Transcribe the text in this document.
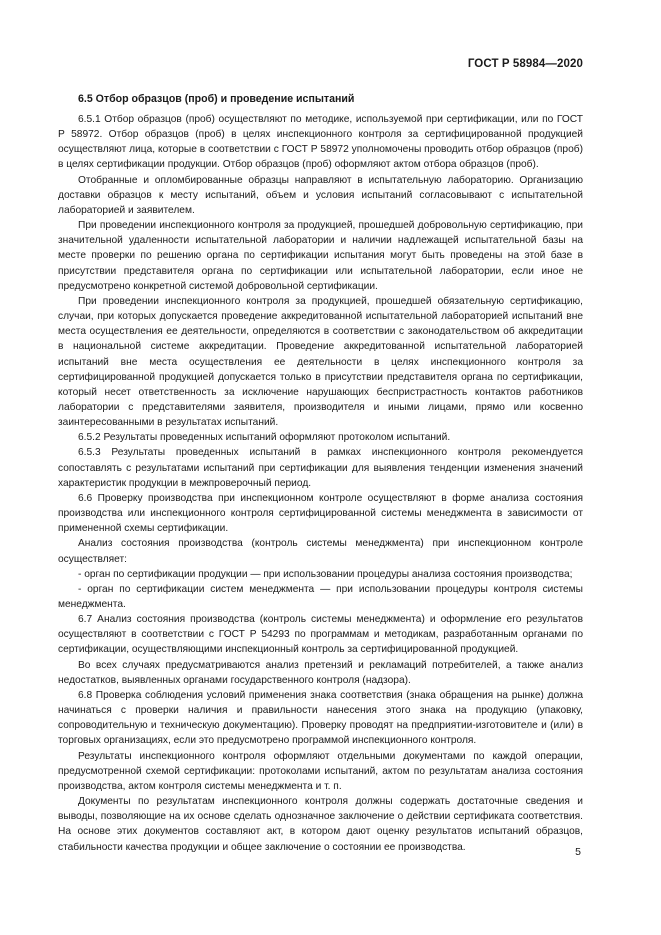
ГОСТ Р 58984—2020
6.5 Отбор образцов (проб) и проведение испытаний

6.5.1 Отбор образцов (проб) осуществляют по методике, используемой при сертификации, или по ГОСТ Р 58972. Отбор образцов (проб) в целях инспекционного контроля за сертифицированной продукцией осуществляют лица, которые в соответствии с ГОСТ Р 58972 уполномочены проводить отбор образцов (проб) в целях сертификации продукции. Отбор образцов (проб) оформляют актом отбора образцов (проб).

Отобранные и опломбированные образцы направляют в испытательную лабораторию. Организацию доставки образцов к месту испытаний, объем и условия испытаний согласовывают с испытательной лабораторией и заявителем.

При проведении инспекционного контроля за продукцией, прошедшей добровольную сертификацию, при значительной удаленности испытательной лаборатории и наличии надлежащей испытательной базы на месте проверки по решению органа по сертификации испытания могут быть проведены на этой базе в присутствии представителя органа по сертификации или испытательной лаборатории, если иное не предусмотрено конкретной системой добровольной сертификации.

При проведении инспекционного контроля за продукцией, прошедшей обязательную сертификацию, случаи, при которых допускается проведение аккредитованной испытательной лабораторией испытаний вне места осуществления ее деятельности, определяются в соответствии с законодательством об аккредитации в национальной системе аккредитации. Проведение аккредитованной испытательной лабораторией испытаний вне места осуществления ее деятельности в целях инспекционного контроля за сертифицированной продукцией допускается только в присутствии представителя органа по сертификации, который несет ответственность за исключение нарушающих беспристрастность контактов работников лаборатории с представителями заявителя, производителя и иными лицами, прямо или косвенно заинтересованными в результатах испытаний.

6.5.2 Результаты проведенных испытаний оформляют протоколом испытаний.

6.5.3 Результаты проведенных испытаний в рамках инспекционного контроля рекомендуется сопоставлять с результатами испытаний при сертификации для выявления тенденции изменения значений характеристик продукции в межпроверочный период.

6.6 Проверку производства при инспекционном контроле осуществляют в форме анализа состояния производства или инспекционного контроля сертифицированной системы менеджмента в зависимости от примененной схемы сертификации.

Анализ состояния производства (контроль системы менеджмента) при инспекционном контроле осуществляет:

- орган по сертификации продукции — при использовании процедуры анализа состояния производства;

- орган по сертификации систем менеджмента — при использовании процедуры контроля системы менеджмента.

6.7 Анализ состояния производства (контроль системы менеджмента) и оформление его результатов осуществляют в соответствии с ГОСТ Р 54293 по программам и методикам, разработанным органами по сертификации, осуществляющими инспекционный контроль за сертифицированной продукцией.

Во всех случаях предусматриваются анализ претензий и рекламаций потребителей, а также анализ недостатков, выявленных органами государственного контроля (надзора).

6.8 Проверка соблюдения условий применения знака соответствия (знака обращения на рынке) должна начинаться с проверки наличия и правильности нанесения этого знака на продукцию (упаковку, сопроводительную и техническую документацию). Проверку проводят на предприятии-изготовителе и (или) в торговых организациях, если это предусмотрено программой инспекционного контроля.

Результаты инспекционного контроля оформляют отдельными документами по каждой операции, предусмотренной схемой сертификации: протоколами испытаний, актом по результатам анализа состояния производства, актом контроля системы менеджмента и т. п.

Документы по результатам инспекционного контроля должны содержать достаточные сведения и выводы, позволяющие на их основе сделать однозначное заключение о действии сертификата соответствия. На основе этих документов составляют акт, в котором дают оценку результатов испытаний образцов, стабильности качества продукции и общее заключение о состоянии ее производства.	5
